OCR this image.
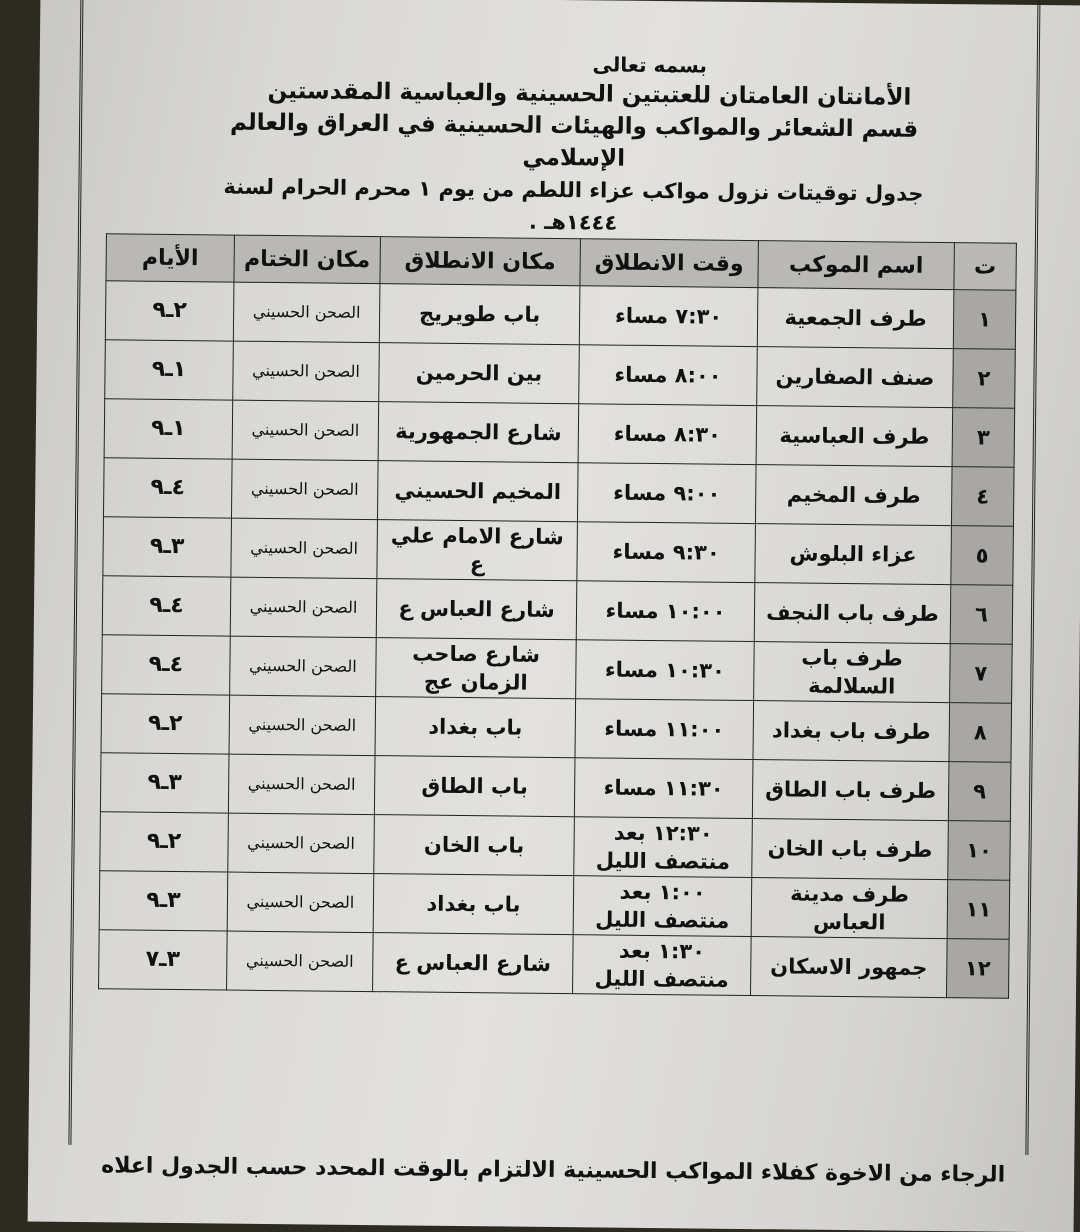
بسمه تعالى
الأمانتان العامتان للعتبتين الحسينية والعباسية المقدستين
قسم الشعائر والمواكب والهيئات الحسينية في العراق والعالم الإسلامي
جدول توقيتات نزول مواكب عزاء اللطم من يوم ١ محرم الحرام لسنة ١٤٤٤هـ .
ت	اسم الموكب	وقت الانطلاق	مكان الانطلاق	مكان الختام	الأيام
١	طرف الجمعية	٧:٣٠ مساء	باب طويريج	الصحن الحسيني	٢ـ٩
٢	صنف الصفارين	٨:٠٠ مساء	بين الحرمين	الصحن الحسيني	١ـ٩
٣	طرف العباسية	٨:٣٠ مساء	شارع الجمهورية	الصحن الحسيني	١ـ٩
٤	طرف المخيم	٩:٠٠ مساء	المخيم الحسيني	الصحن الحسيني	٤ـ٩
٥	عزاء البلوش	٩:٣٠ مساء	شارع الامام علي ع	الصحن الحسيني	٣ـ٩
٦	طرف باب النجف	١٠:٠٠ مساء	شارع العباس ع	الصحن الحسيني	٤ـ٩
٧	طرف باب السلالمة	١٠:٣٠ مساء	شارع صاحب الزمان عج	الصحن الحسيني	٤ـ٩
٨	طرف باب بغداد	١١:٠٠ مساء	باب بغداد	الصحن الحسيني	٢ـ٩
٩	طرف باب الطاق	١١:٣٠ مساء	باب الطاق	الصحن الحسيني	٣ـ٩
١٠	طرف باب الخان	١٢:٣٠ بعد منتصف الليل	باب الخان	الصحن الحسيني	٢ـ٩
١١	طرف مدينة العباس	١:٠٠ بعد منتصف الليل	باب بغداد	الصحن الحسيني	٣ـ٩
١٢	جمهور الاسكان	١:٣٠ بعد منتصف الليل	شارع العباس ع	الصحن الحسيني	٣ـ٧
الرجاء من الاخوة كفلاء المواكب الحسينية الالتزام بالوقت المحدد حسب الجدول اعلاه
